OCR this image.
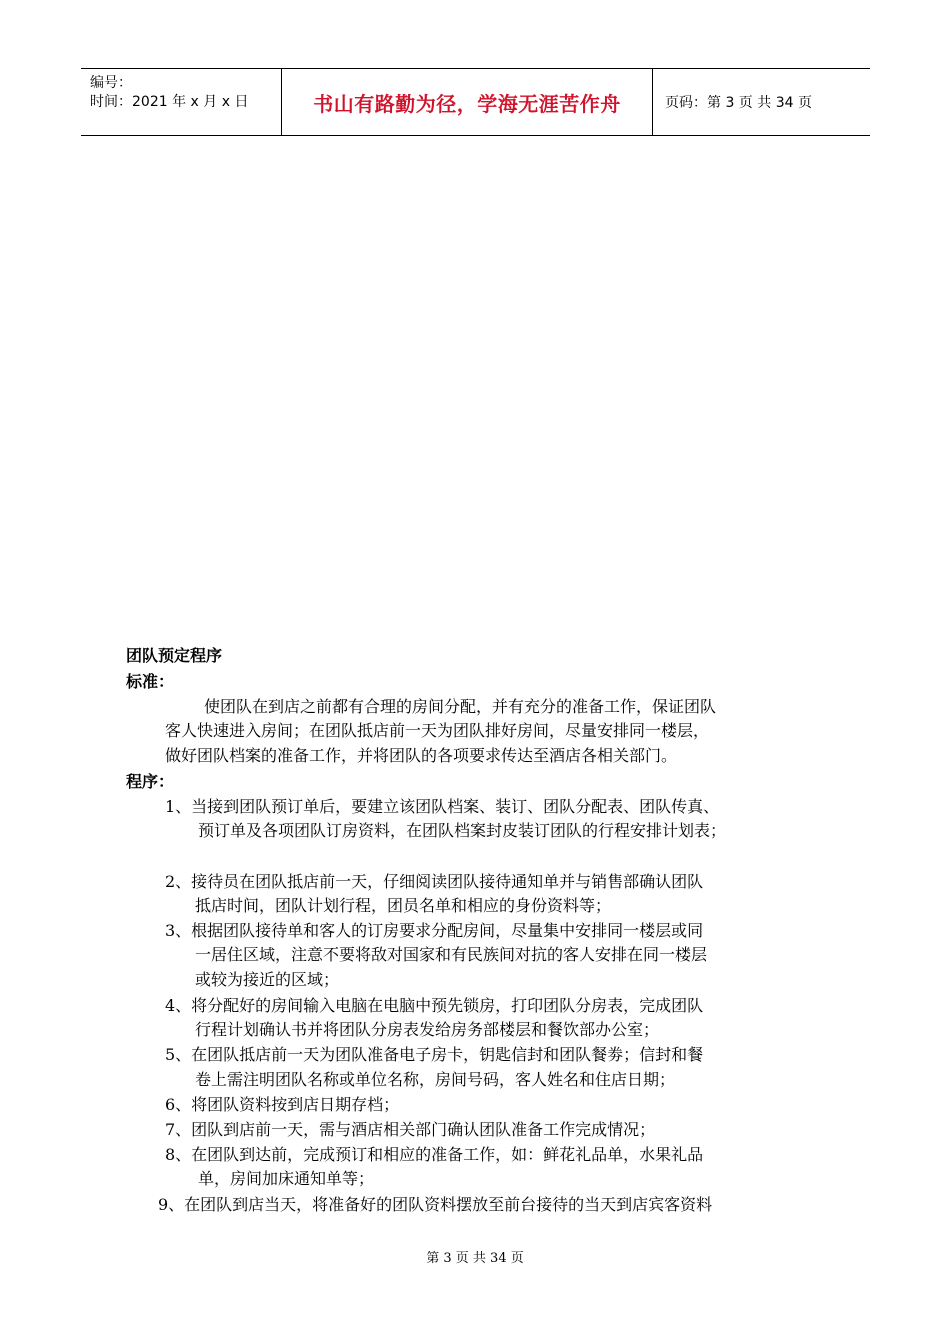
编号：
时间：2021 年 x 月 x 日	书山有路勤为径，学海无涯苦作舟	页码：第 3 页 共 34 页
团队预定程序
标准：
使团队在到店之前都有合理的房间分配，并有充分的准备工作，保证团队
客人快速进入房间；在团队抵店前一天为团队排好房间，尽量安排同一楼层，
做好团队档案的准备工作，并将团队的各项要求传达至酒店各相关部门。
程序：
1、当接到团队预订单后，要建立该团队档案、装订、团队分配表、团队传真、
预订单及各项团队订房资料，在团队档案封皮装订团队的行程安排计划表；
2、接待员在团队抵店前一天，仔细阅读团队接待通知单并与销售部确认团队
抵店时间，团队计划行程，团员名单和相应的身份资料等；
3、根据团队接待单和客人的订房要求分配房间，尽量集中安排同一楼层或同
一居住区域，注意不要将敌对国家和有民族间对抗的客人安排在同一楼层
或较为接近的区域；
4、将分配好的房间输入电脑在电脑中预先锁房，打印团队分房表，完成团队
行程计划确认书并将团队分房表发给房务部楼层和餐饮部办公室；
5、在团队抵店前一天为团队准备电子房卡，钥匙信封和团队餐劵；信封和餐
卷上需注明团队名称或单位名称，房间号码，客人姓名和住店日期；
6、将团队资料按到店日期存档；
7、团队到店前一天，需与酒店相关部门确认团队准备工作完成情况；
8、在团队到达前，完成预订和相应的准备工作，如：鲜花礼品单，水果礼品
单，房间加床通知单等；
9、在团队到店当天，将准备好的团队资料摆放至前台接待的当天到店宾客资料
第 3 页 共 34 页
